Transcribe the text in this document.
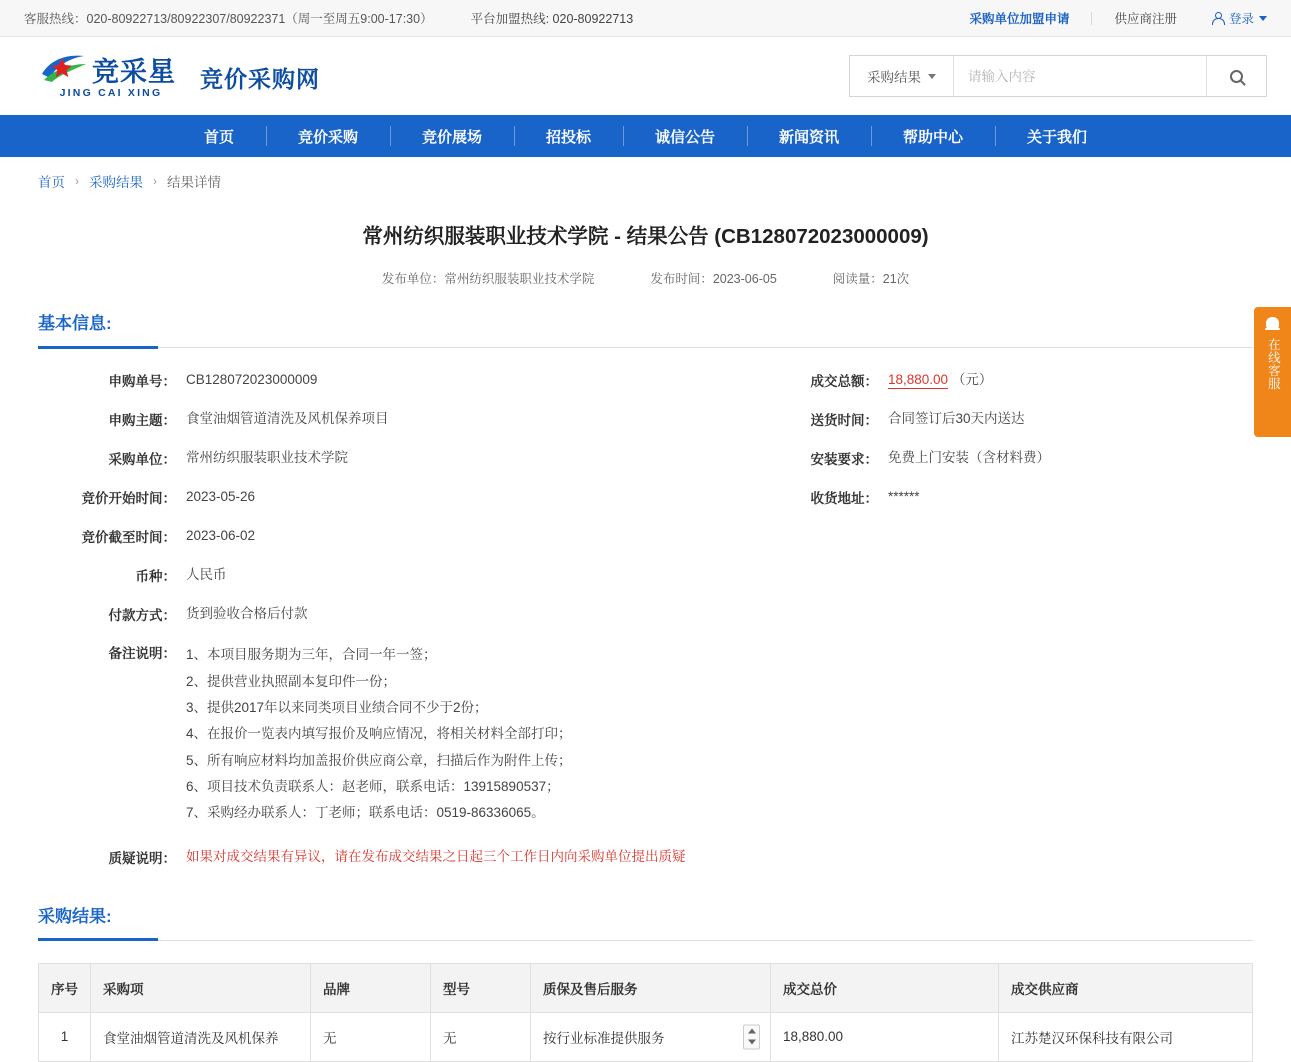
客服热线：020-80922713/80922307/80922371（周一至周五9:00-17:30）	平台加盟热线: 020-80922713	采购单位加盟申请	供应商注册	登录
竞采星
JING CAI XING
竞价采购网	采购结果
请输入内容
首页	竞价采购	竞价展场	招投标	诚信公告	新闻资讯	帮助中心	关于我们
首页 › 采购结果 › 结果详情
常州纺织服装职业技术学院 - 结果公告 (CB128072023000009)
发布单位：常州纺织服装职业技术学院	发布时间：2023-06-05	阅读量：21次
基本信息:
申购单号： CB128072023000009
申购主题： 食堂油烟管道清洗及风机保养项目
采购单位： 常州纺织服装职业技术学院
竞价开始时间： 2023-05-26
竞价截至时间： 2023-06-02
币种： 人民币
付款方式： 货到验收合格后付款
成交总额： 18,880.00 （元）
送货时间： 合同签订后30天内送达
安装要求： 免费上门安装（含材料费）
收货地址： ******
备注说明： 1、本项目服务期为三年，合同一年一签；
2、提供营业执照副本复印件一份；
3、提供2017年以来同类项目业绩合同不少于2份；
4、在报价一览表内填写报价及响应情况，将相关材料全部打印；
5、所有响应材料均加盖报价供应商公章，扫描后作为附件上传；
6、项目技术负责联系人：赵老师，联系电话：13915890537；
7、采购经办联系人：丁老师；联系电话：0519-86336065。
质疑说明： 如果对成交结果有异议，请在发布成交结果之日起三个工作日内向采购单位提出质疑
采购结果:
序号	采购项	品牌	型号	质保及售后服务	成交总价	成交供应商
1	食堂油烟管道清洗及风机保养	无	无	按行业标准提供服务	18,880.00	江苏楚汉环保科技有限公司
在线客服
